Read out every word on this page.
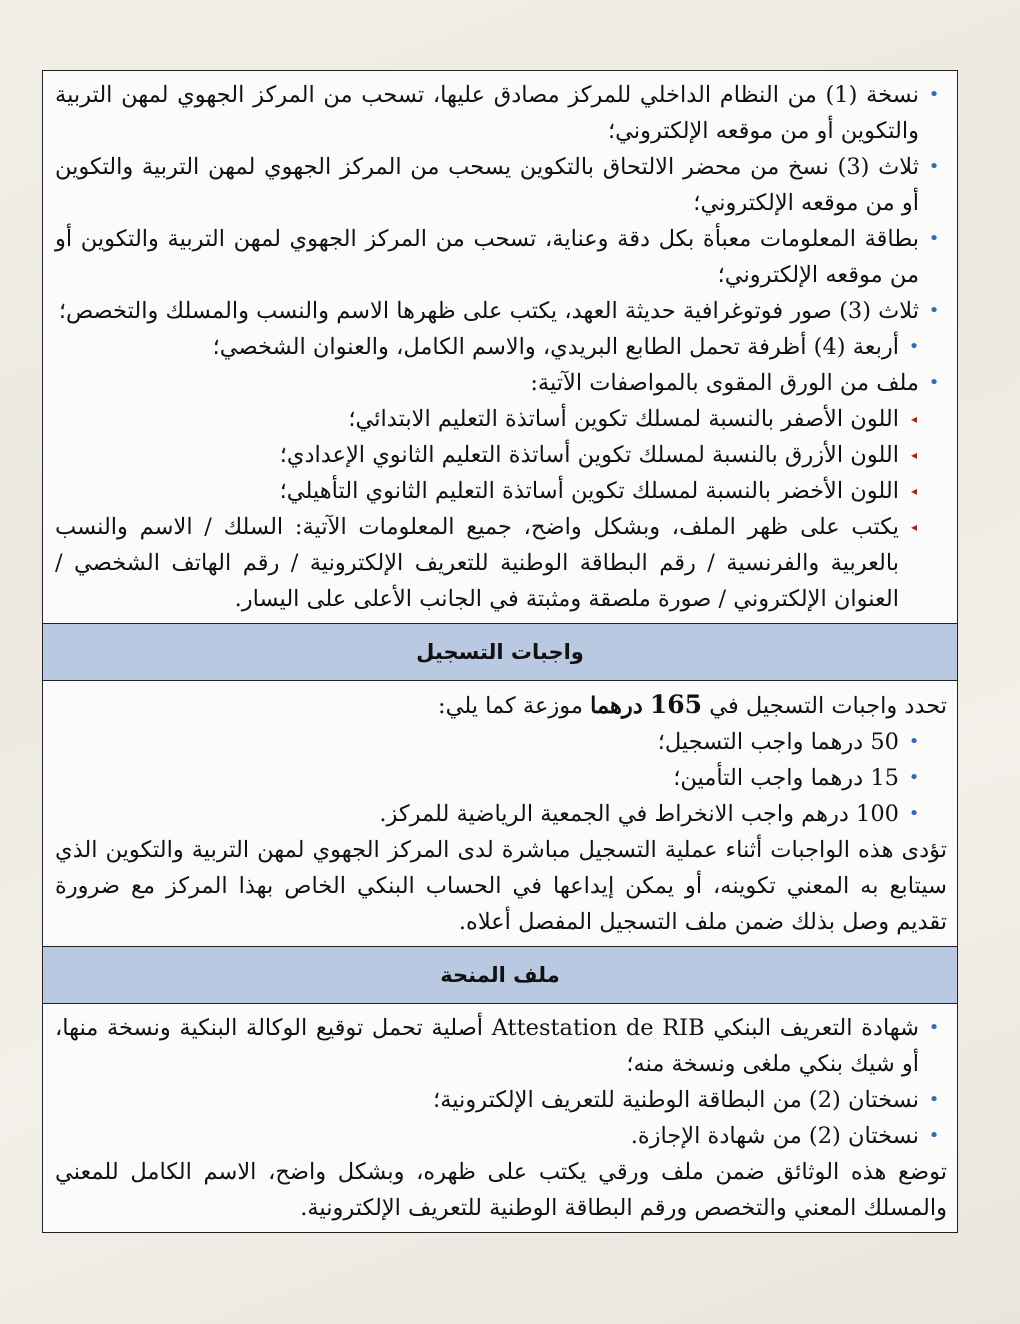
•
نسخة (1) من النظام الداخلي للمركز مصادق عليها، تسحب من المركز الجهوي لمهن التربية والتكوين أو من موقعه الإلكتروني؛
•
ثلاث (3) نسخ من محضر الالتحاق بالتكوين يسحب من المركز الجهوي لمهن التربية والتكوين أو من موقعه الإلكتروني؛
•
بطاقة المعلومات معبأة بكل دقة وعناية، تسحب من المركز الجهوي لمهن التربية والتكوين أو من موقعه الإلكتروني؛
•
ثلاث (3) صور فوتوغرافية حديثة العهد، يكتب على ظهرها الاسم والنسب والمسلك والتخصص؛
•
أربعة (4) أظرفة تحمل الطابع البريدي، والاسم الكامل، والعنوان الشخصي؛
•
ملف من الورق المقوى بالمواصفات الآتية:
◂
اللون الأصفر بالنسبة لمسلك تكوين أساتذة التعليم الابتدائي؛
◂
اللون الأزرق بالنسبة لمسلك تكوين أساتذة التعليم الثانوي الإعدادي؛
◂
اللون الأخضر بالنسبة لمسلك تكوين أساتذة التعليم الثانوي التأهيلي؛
◂
يكتب على ظهر الملف، وبشكل واضح، جميع المعلومات الآتية: السلك / الاسم والنسب بالعربية والفرنسية / رقم البطاقة الوطنية للتعريف الإلكترونية / رقم الهاتف الشخصي / العنوان الإلكتروني / صورة ملصقة ومثبتة في الجانب الأعلى على اليسار.
واجبات التسجيل

تحدد واجبات التسجيل في 165 درهما موزعة كما يلي:

•
50 درهما واجب التسجيل؛
•
15 درهما واجب التأمين؛
•
100 درهم واجب الانخراط في الجمعية الرياضية للمركز.

تؤدى هذه الواجبات أثناء عملية التسجيل مباشرة لدى المركز الجهوي لمهن التربية والتكوين الذي سيتابع به المعني تكوينه، أو يمكن إيداعها في الحساب البنكي الخاص بهذا المركز مع ضرورة تقديم وصل بذلك ضمن ملف التسجيل المفصل أعلاه.

ملف المنحة
•
شهادة التعريف البنكي Attestation de RIB أصلية تحمل توقيع الوكالة البنكية ونسخة منها، أو شيك بنكي ملغى ونسخة منه؛
•
نسختان (2) من البطاقة الوطنية للتعريف الإلكترونية؛
•
نسختان (2) من شهادة الإجازة.

توضع هذه الوثائق ضمن ملف ورقي يكتب على ظهره، وبشكل واضح، الاسم الكامل للمعني والمسلك المعني والتخصص ورقم البطاقة الوطنية للتعريف الإلكترونية.
